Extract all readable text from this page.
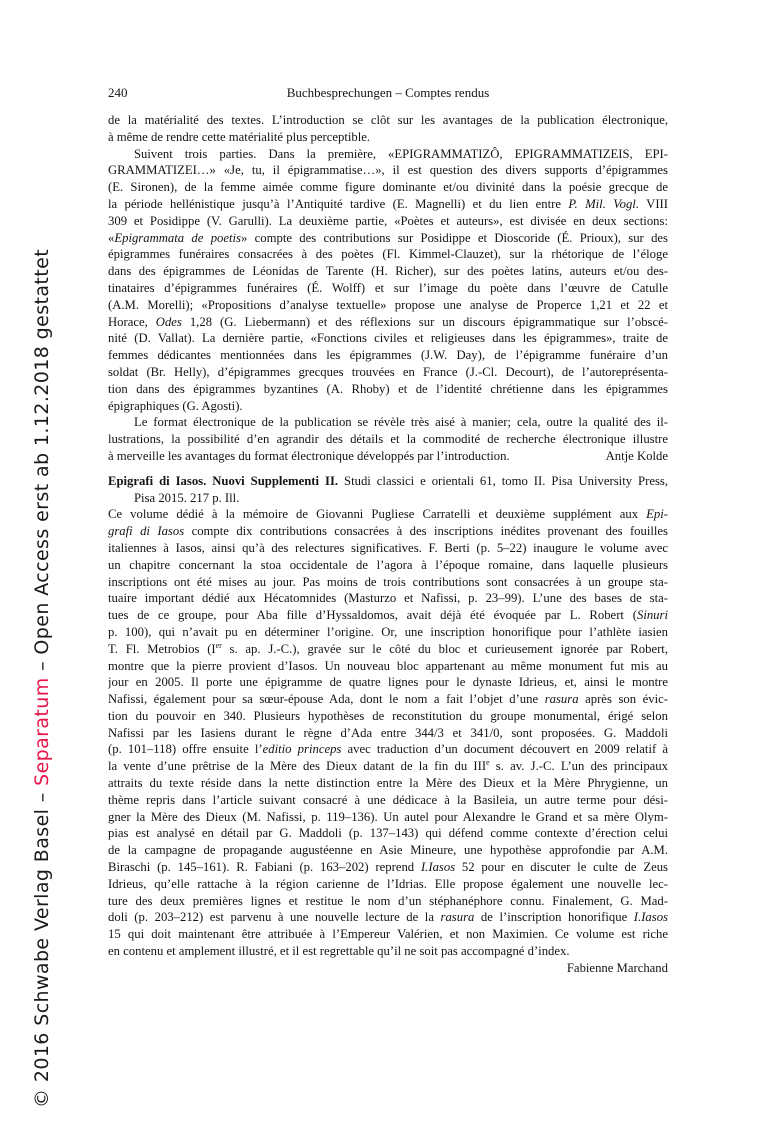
© 2016 Schwabe Verlag Basel – Separatum – Open Access erst ab 1.12.2018 gestattet
240	Buchbesprechungen – Comptes rendus
de la matérialité des textes. L’introduction se clôt sur les avantages de la publication électronique,
à même de rendre cette matérialité plus perceptible.
Suivent trois parties. Dans la première, «EPIGRAMMATIZÔ, EPIGRAMMATIZEIS, EPI-
GRAMMATIZEI…» «Je, tu, il épigrammatise…», il est question des divers supports d’épigrammes
(E. Sironen), de la femme aimée comme figure dominante et/ou divinité dans la poésie grecque de
la période hellénistique jusqu’à l’Antiquité tardive (E. Magnelli) et du lien entre P. Mil. Vogl. VIII
309 et Posidippe (V. Garulli). La deuxième partie, «Poètes et auteurs», est divisée en deux sections:
«Epigrammata de poetis» compte des contributions sur Posidippe et Dioscoride (É. Prioux), sur des
épigrammes funéraires consacrées à des poètes (Fl. Kimmel-Clauzet), sur la rhétorique de l’éloge
dans des épigrammes de Léonidas de Tarente (H. Richer), sur des poètes latins, auteurs et/ou des-
tinataires d’épigrammes funéraires (É. Wolff) et sur l’image du poète dans l’œuvre de Catulle
(A.M. Morelli); «Propositions d’analyse textuelle» propose une analyse de Properce 1,21 et 22 et
Horace, Odes 1,28 (G. Liebermann) et des réflexions sur un discours épigrammatique sur l’obscé-
nité (D. Vallat). La dernière partie, «Fonctions civiles et religieuses dans les épigrammes», traite de
femmes dédicantes mentionnées dans les épigrammes (J.W. Day), de l’épigramme funéraire d’un
soldat (Br. Helly), d’épigrammes grecques trouvées en France (J.-Cl. Decourt), de l’autoreprésenta-
tion dans des épigrammes byzantines (A. Rhoby) et de l’identité chrétienne dans les épigrammes
épigraphiques (G. Agosti).
Le format électronique de la publication se révèle très aisé à manier; cela, outre la qualité des il-
lustrations, la possibilité d’en agrandir des détails et la commodité de recherche électronique illustre
à merveille les avantages du format électronique développés par l’introduction.	Antje Kolde
Epigrafi di Iasos. Nuovi Supplementi II. Studi classici e orientali 61, tomo II. Pisa University Press,
Pisa 2015. 217 p. Ill.
Ce volume dédié à la mémoire de Giovanni Pugliese Carratelli et deuxième supplément aux Epi-
grafi di Iasos compte dix contributions consacrées à des inscriptions inédites provenant des fouilles
italiennes à Iasos, ainsi qu’à des relectures significatives. F. Berti (p. 5–22) inaugure le volume avec
un chapitre concernant la stoa occidentale de l’agora à l’époque romaine, dans laquelle plusieurs
inscriptions ont été mises au jour. Pas moins de trois contributions sont consacrées à un groupe sta-
tuaire important dédié aux Hécatomnides (Masturzo et Nafissi, p. 23–99). L’une des bases de sta-
tues de ce groupe, pour Aba fille d’Hyssaldomos, avait déjà été évoquée par L. Robert (Sinuri
p. 100), qui n’avait pu en déterminer l’origine. Or, une inscription honorifique pour l’athlète iasien
T. Fl. Metrobios (Ier s. ap. J.-C.), gravée sur le côté du bloc et curieusement ignorée par Robert,
montre que la pierre provient d’Iasos. Un nouveau bloc appartenant au même monument fut mis au
jour en 2005. Il porte une épigramme de quatre lignes pour le dynaste Idrieus, et, ainsi le montre
Nafissi, également pour sa sœur-épouse Ada, dont le nom a fait l’objet d’une rasura après son évic-
tion du pouvoir en 340. Plusieurs hypothèses de reconstitution du groupe monumental, érigé selon
Nafissi par les Iasiens durant le règne d’Ada entre 344/3 et 341/0, sont proposées. G. Maddoli
(p. 101–118) offre ensuite l’editio princeps avec traduction d’un document découvert en 2009 relatif à
la vente d’une prêtrise de la Mère des Dieux datant de la fin du IIIe s. av. J.-C. L’un des principaux
attraits du texte réside dans la nette distinction entre la Mère des Dieux et la Mère Phrygienne, un
thème repris dans l’article suivant consacré à une dédicace à la Basileia, un autre terme pour dési-
gner la Mère des Dieux (M. Nafissi, p. 119–136). Un autel pour Alexandre le Grand et sa mère Olym-
pias est analysé en détail par G. Maddoli (p. 137–143) qui défend comme contexte d’érection celui
de la campagne de propagande augustéenne en Asie Mineure, une hypothèse approfondie par A.M.
Biraschi (p. 145–161). R. Fabiani (p. 163–202) reprend I.Iasos 52 pour en discuter le culte de Zeus
Idrieus, qu’elle rattache à la région carienne de l’Idrias. Elle propose également une nouvelle lec-
ture des deux premières lignes et restitue le nom d’un stéphanéphore connu. Finalement, G. Mad-
doli (p. 203–212) est parvenu à une nouvelle lecture de la rasura de l’inscription honorifique I.Iasos
15 qui doit maintenant être attribuée à l’Empereur Valérien, et non Maximien. Ce volume est riche
en contenu et amplement illustré, et il est regrettable qu’il ne soit pas accompagné d’index.
Fabienne Marchand
